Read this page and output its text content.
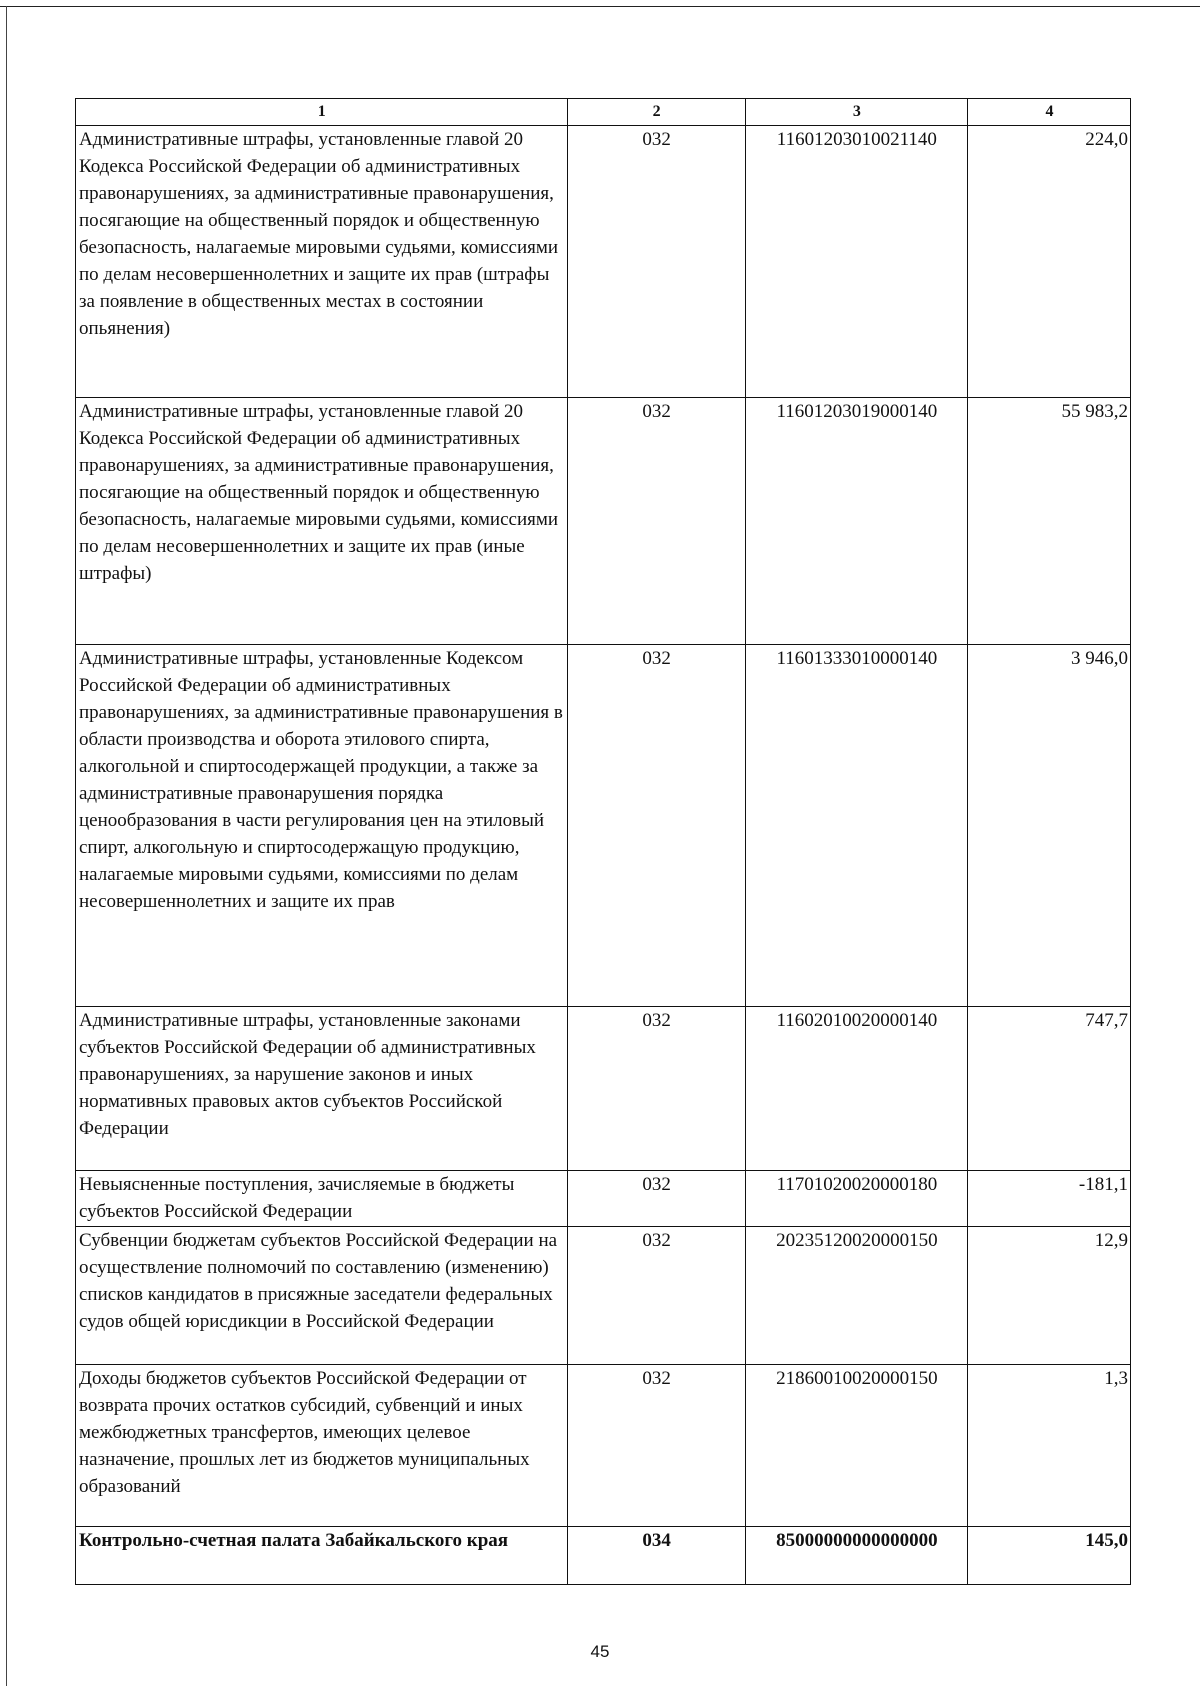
1	2	3	4
Административные штрафы, установленные главой 20 Кодекса Российской Федерации об административных правонарушениях, за административные правонарушения, посягающие на общественный порядок и общественную безопасность, налагаемые мировыми судьями, комиссиями по делам несовершеннолетних и защите их прав (штрафы за появление в общественных местах в состоянии опьянения)	032	11601203010021140	224,0
Административные штрафы, установленные главой 20 Кодекса Российской Федерации об административных правонарушениях, за административные правонарушения, посягающие на общественный порядок и общественную безопасность, налагаемые мировыми судьями, комиссиями по делам несовершеннолетних и защите их прав (иные штрафы)	032	11601203019000140	55 983,2
Административные штрафы, установленные Кодексом Российской Федерации об административных правонарушениях, за административные правонарушения в области производства и оборота этилового спирта, алкогольной и спиртосодержащей продукции, а также за административные правонарушения порядка ценообразования в части регулирования цен на этиловый спирт, алкогольную и спиртосодержащую продукцию, налагаемые мировыми судьями, комиссиями по делам несовершеннолетних и защите их прав	032	11601333010000140	3 946,0
Административные штрафы, установленные законами субъектов Российской Федерации об административных правонарушениях, за нарушение законов и иных нормативных правовых актов субъектов Российской Федерации	032	11602010020000140	747,7
Невыясненные поступления, зачисляемые в бюджеты субъектов Российской Федерации	032	11701020020000180	-181,1
Субвенции бюджетам субъектов Российской Федерации на осуществление полномочий по составлению (изменению) списков кандидатов в присяжные заседатели федеральных судов общей юрисдикции в Российской Федерации	032	20235120020000150	12,9
Доходы бюджетов субъектов Российской Федерации от возврата прочих остатков субсидий, субвенций и иных межбюджетных трансфертов, имеющих целевое назначение, прошлых лет из бюджетов муниципальных образований	032	21860010020000150	1,3
Контрольно-счетная палата Забайкальского края	034	85000000000000000	145,0
45
